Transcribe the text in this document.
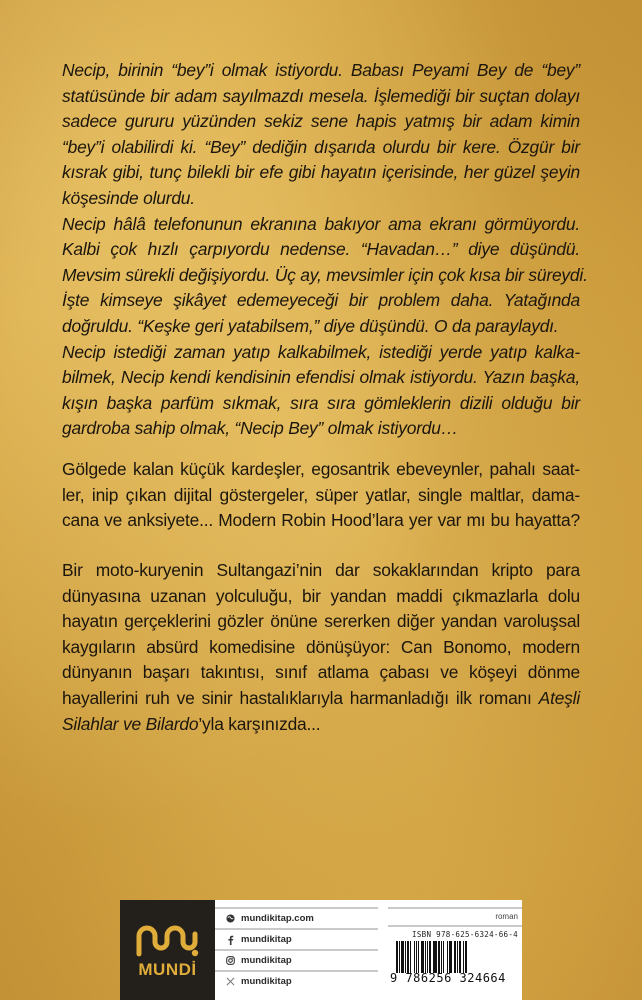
Necip, birinin “bey”i olmak istiyordu. Babası Peyami Bey de “bey”
statüsünde bir adam sayılmazdı mesela. İşlemediği bir suçtan dolayı
sadece gururu yüzünden sekiz sene hapis yatmış bir adam kimin
“bey”i olabilirdi ki. “Bey” dediğin dışarıda olurdu bir kere. Özgür bir
kısrak gibi, tunç bilekli bir efe gibi hayatın içerisinde, her güzel şeyin
köşesinde olurdu.
Necip hâlâ telefonunun ekranına bakıyor ama ekranı görmüyordu.
Kalbi çok hızlı çarpıyordu nedense. “Havadan…” diye düşündü.
Mevsim sürekli değişiyordu. Üç ay, mevsimler için çok kısa bir süreydi.
İşte kimseye şikâyet edemeyeceği bir problem daha. Yatağında
doğruldu. “Keşke geri yatabilsem,” diye düşündü. O da paraylaydı.
Necip istediği zaman yatıp kalkabilmek, istediği yerde yatıp kalka-
bilmek, Necip kendi kendisinin efendisi olmak istiyordu. Yazın başka,
kışın başka parfüm sıkmak, sıra sıra gömleklerin dizili olduğu bir
gardroba sahip olmak, “Necip Bey” olmak istiyordu…
Gölgede kalan küçük kardeşler, egosantrik ebeveynler, pahalı saat-
ler, inip çıkan dijital göstergeler, süper yatlar, single maltlar, dama-
cana ve anksiyete... Modern Robin Hood’lara yer var mı bu hayatta?
Bir moto-kuryenin Sultangazi’nin dar sokaklarından kripto para
dünyasına uzanan yolculuğu, bir yandan maddi çıkmazlarla dolu
hayatın gerçeklerini gözler önüne sererken diğer yandan varoluşsal
kaygıların absürd komedisine dönüşüyor: Can Bonomo, modern
dünyanın başarı takıntısı, sınıf atlama çabası ve köşeyi dönme
hayallerini ruh ve sinir hastalıklarıyla harmanladığı ilk romanı Ateşli
Silahlar ve Bilardo’yla karşınızda...
MUNDİ
mundikitap.com
mundikitap
mundikitap
mundikitap
roman
ISBN 978-625-6324-66-4
9 786256 324664
